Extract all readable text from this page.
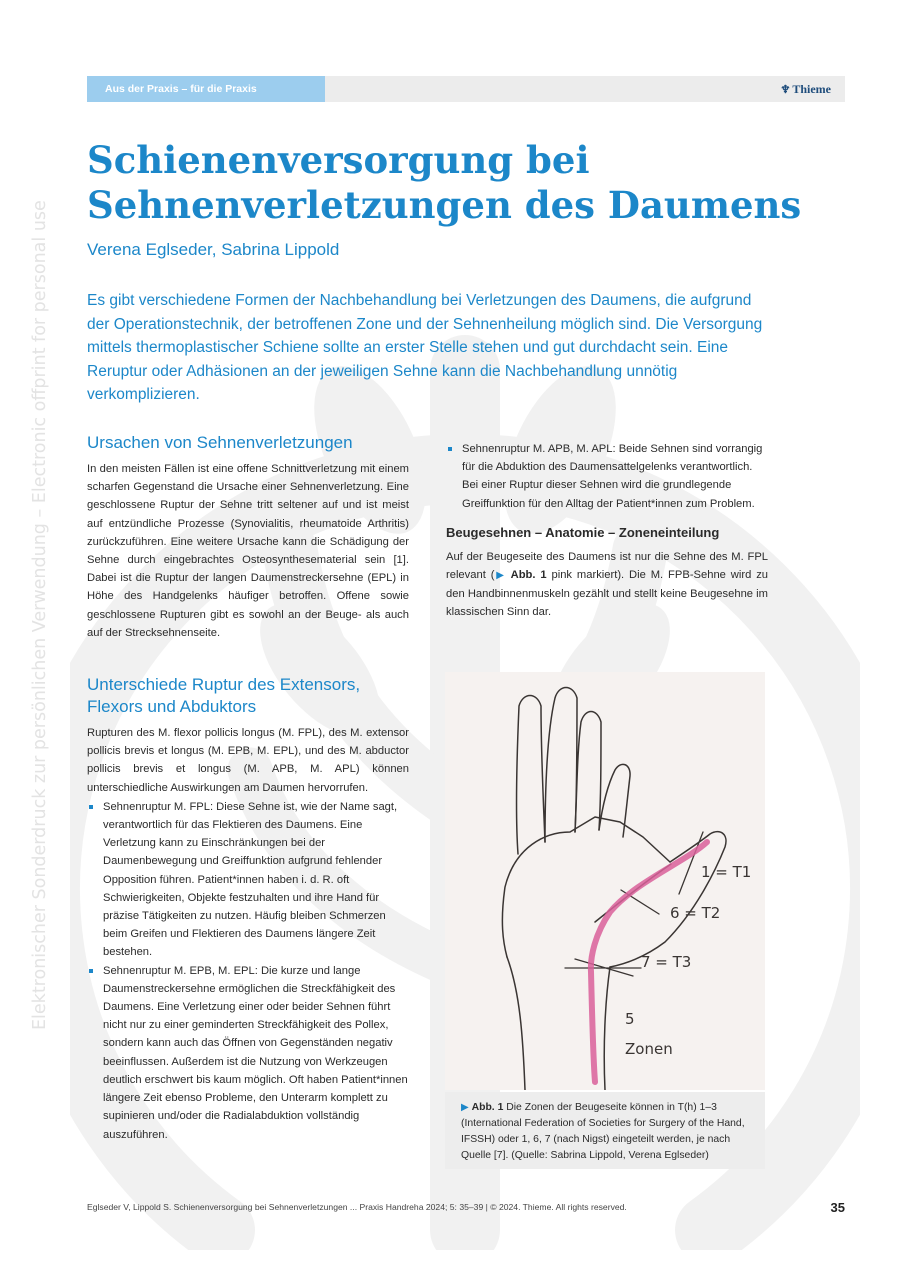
Elektronischer Sonderdruck zur persönlichen Verwendung – Electronic offprint for personal use
Aus der Praxis – für die Praxis	♆ Thieme
Schienenversorgung bei
Sehnenverletzungen des Daumens
Verena Eglseder, Sabrina Lippold
Es gibt verschiedene Formen der Nachbehandlung bei Verletzungen des Daumens, die aufgrund der Operationstechnik, der betroffenen Zone und der Sehnenheilung möglich sind. Die Versorgung mittels thermoplastischer Schiene sollte an erster Stelle stehen und gut durchdacht sein. Eine Reruptur oder Adhäsionen an der jeweiligen Sehne kann die Nachbehandlung unnötig verkomplizieren.
Ursachen von Sehnenverletzungen

In den meisten Fällen ist eine offene Schnittverletzung mit einem scharfen Gegenstand die Ursache einer Sehnenverletzung. Eine geschlossene Ruptur der Sehne tritt seltener auf und ist meist auf entzündliche Prozesse (Synovialitis, rheumatoide Arthritis) zurückzuführen. Eine weitere Ursache kann die Schädigung der Sehne durch eingebrachtes Osteosynthesematerial sein [1]. Dabei ist die Ruptur der langen Daumenstreckersehne (EPL) in Höhe des Handgelenks häufiger betroffen. Offene sowie geschlossene Rupturen gibt es sowohl an der Beuge- als auch auf der Strecksehnenseite.

Unterschiede Ruptur des Extensors, Flexors und Abduktors

Rupturen des M. flexor pollicis longus (M. FPL), des M. extensor pollicis brevis et longus (M. EPB, M. EPL), und des M. abductor pollicis brevis et longus (M. APB, M. APL) können unterschiedliche Auswirkungen am Daumen hervorrufen.

Sehnenruptur M. FPL: Diese Sehne ist, wie der Name sagt, verantwortlich für das Flektieren des Daumens. Eine Verletzung kann zu Einschränkungen bei der Daumenbewegung und Greiffunktion aufgrund fehlender Opposition führen. Patient*innen haben i. d. R. oft Schwierigkeiten, Objekte festzuhalten und ihre Hand für präzise Tätigkeiten zu nutzen. Häufig bleiben Schmerzen beim Greifen und Flektieren des Daumens längere Zeit bestehen.
Sehnenruptur M. EPB, M. EPL: Die kurze und lange Daumenstreckersehne ermöglichen die Streckfähigkeit des Daumens. Eine Verletzung einer oder beider Sehnen führt nicht nur zu einer geminderten Streckfähigkeit des Pollex, sondern kann auch das Öffnen von Gegenständen negativ beeinflussen. Außerdem ist die Nutzung von Werkzeugen deutlich erschwert bis kaum möglich. Oft haben Patient*innen längere Zeit ebenso Probleme, den Unterarm komplett zu supinieren und/oder die Radialabduktion vollständig auszuführen.
Sehnenruptur M. APB, M. APL: Beide Sehnen sind vorrangig für die Abduktion des Daumensattelgelenks verantwortlich. Bei einer Ruptur dieser Sehnen wird die grundlegende Greiffunktion für den Alltag der Patient*innen zum Problem.
Beugesehnen – Anatomie – Zoneneinteilung

Auf der Beugeseite des Daumens ist nur die Sehne des M. FPL relevant (▶ Abb. 1 pink markiert). Die M. FPB-Sehne wird zu den Handbinnenmuskeln gezählt und stellt keine Beugesehne im klassischen Sinn dar.

1 = T1
6 = T2
7 = T3
5
Zonen
▶ Abb. 1 Die Zonen der Beugeseite können in T(h) 1–3 (International Federation of Societies for Surgery of the Hand, IFSSH) oder 1, 6, 7 (nach Nigst) eingeteilt werden, je nach Quelle [7]. (Quelle: Sabrina Lippold, Verena Eglseder)
Eglseder V, Lippold S. Schienenversorgung bei Sehnenverletzungen ... Praxis Handreha 2024; 5: 35–39 | © 2024. Thieme. All rights reserved.	35
